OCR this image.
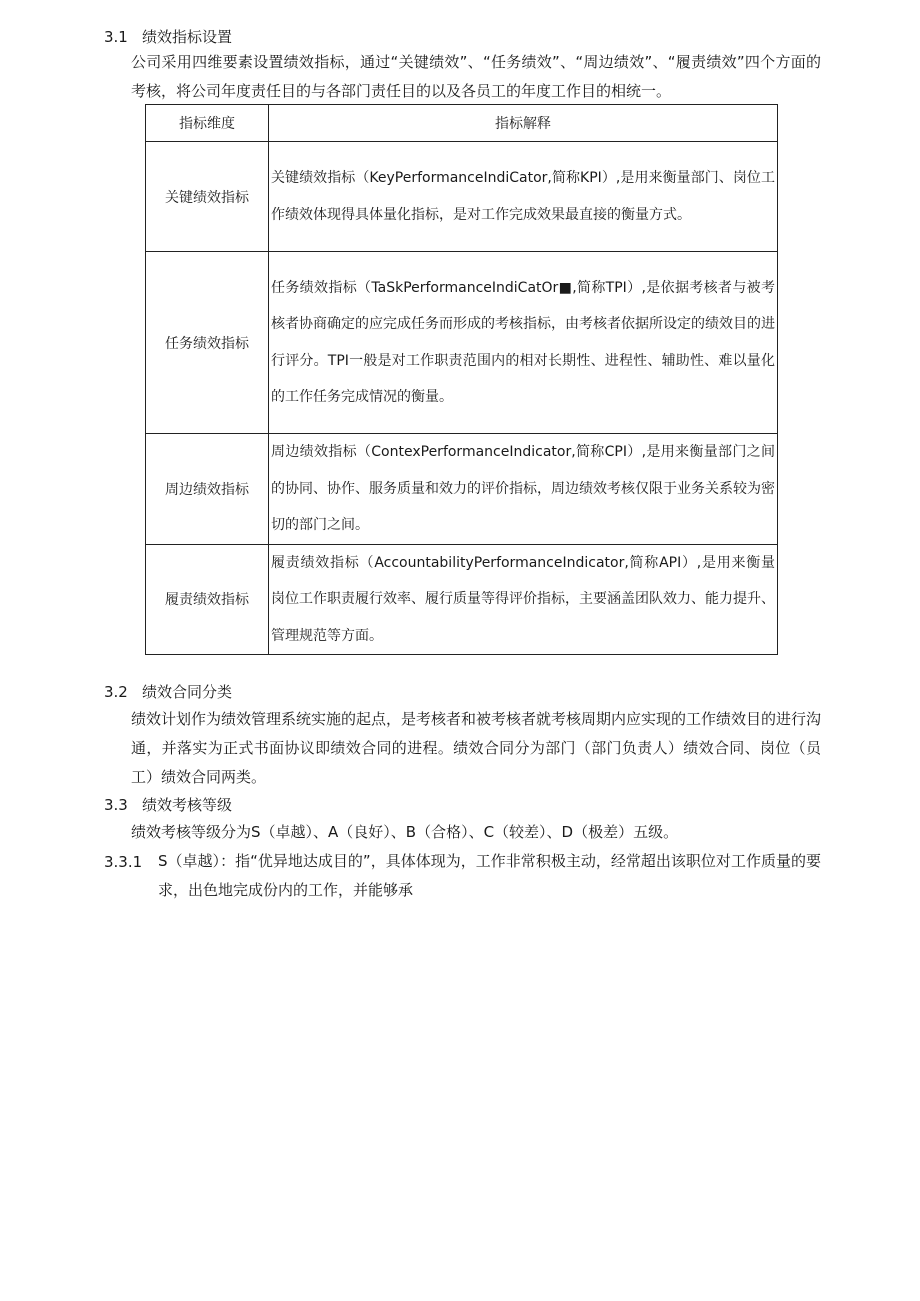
3.1 绩效指标设置
公司采用四维要素设置绩效指标，通过“关键绩效”、“任务绩效”、“周边绩效”、“履责绩效”四个方面的考核，将公司年度责任目的与各部门责任目的以及各员工的年度工作目的相统一。
指标维度	指标解释
关键绩效指标	关键绩效指标（KeyPerformanceIndiCator,简称KPI）,是用来衡量部门、岗位工作绩效体现得具体量化指标，是对工作完成效果最直接的衡量方式。

任务绩效指标	任务绩效指标（TaSkPerformanceIndiCatOr■,简称TPI）,是依据考核者与被考核者协商确定的应完成任务而形成的考核指标，由考核者依据所设定的绩效目的进行评分。TPI一般是对工作职责范围内的相对长期性、进程性、辅助性、难以量化的工作任务完成情况的衡量。

周边绩效指标	周边绩效指标（ContexPerformanceIndicator,简称CPI）,是用来衡量部门之间的协同、协作、服务质量和效力的评价指标，周边绩效考核仅限于业务关系较为密切的部门之间。

履责绩效指标	履责绩效指标（AccountabilityPerformanceIndicator,简称API）,是用来衡量岗位工作职责履行效率、履行质量等得评价指标，主要涵盖团队效力、能力提升、管理规范等方面。
3.2 绩效合同分类
绩效计划作为绩效管理系统实施的起点，是考核者和被考核者就考核周期内应实现的工作绩效目的进行沟通，并落实为正式书面协议即绩效合同的进程。绩效合同分为部门（部门负责人）绩效合同、岗位（员工）绩效合同两类。
3.3 绩效考核等级
绩效考核等级分为S（卓越）、A（良好）、B（合格）、C（较差）、D（极差）五级。
3.3.1 S（卓越）：指“优异地达成目的”，具体体现为，工作非常积极主动，经常超出该职位对工作质量的要求，出色地完成份内的工作，并能够承
